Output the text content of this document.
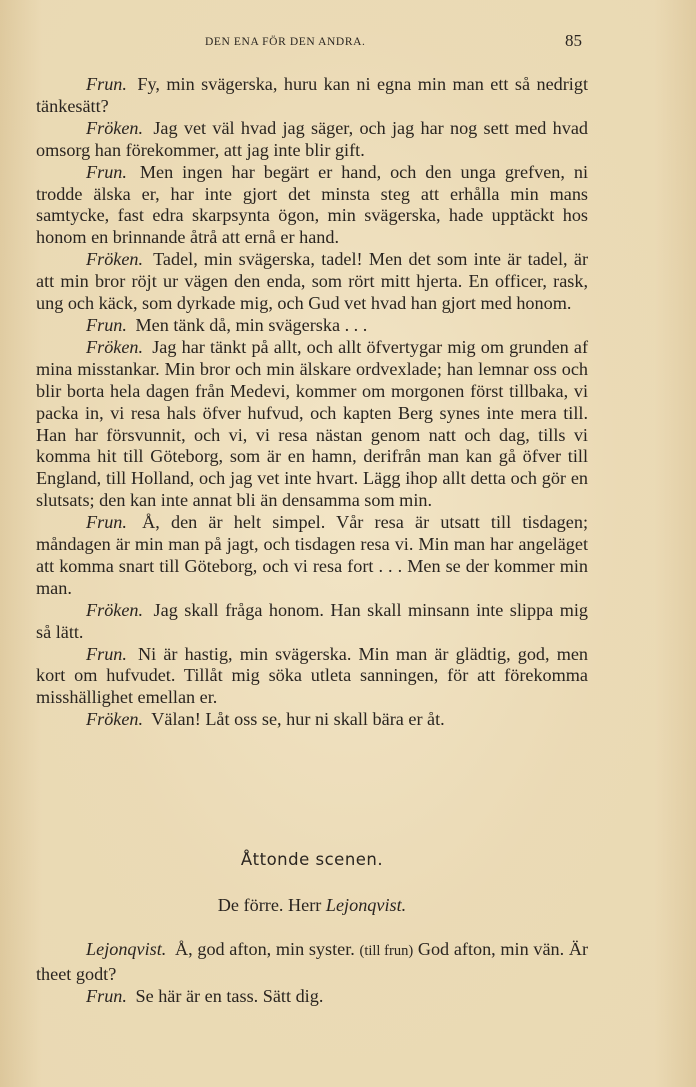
DEN ENA FÖR DEN ANDRA.	85

Frun. Fy, min svägerska, huru kan ni egna min man ett så nedrigt tänkesätt?

Fröken. Jag vet väl hvad jag säger, och jag har nog sett med hvad omsorg han förekommer, att jag inte blir gift.

Frun. Men ingen har begärt er hand, och den unga grefven, ni trodde älska er, har inte gjort det minsta steg att erhålla min mans samtycke, fast edra skarpsynta ögon, min svägerska, hade upptäckt hos honom en brinnande åtrå att ernå er hand.

Fröken. Tadel, min svägerska, tadel! Men det som inte är tadel, är att min bror röjt ur vägen den enda, som rört mitt hjerta. En officer, rask, ung och käck, som dyrkade mig, och Gud vet hvad han gjort med honom.

Frun. Men tänk då, min svägerska . . .

Fröken. Jag har tänkt på allt, och allt öfvertygar mig om grunden af mina misstankar. Min bror och min älskare ordvexlade; han lemnar oss och blir borta hela dagen från Medevi, kommer om morgonen först tillbaka, vi packa in, vi resa hals öfver hufvud, och kapten Berg synes inte mera till. Han har försvunnit, och vi, vi resa nästan genom natt och dag, tills vi komma hit till Göteborg, som är en hamn, derifrån man kan gå öfver till England, till Holland, och jag vet inte hvart. Lägg ihop allt detta och gör en slutsats; den kan inte annat bli än densamma som min.

Frun. Å, den är helt simpel. Vår resa är utsatt till tisdagen; måndagen är min man på jagt, och tisdagen resa vi. Min man har angeläget att komma snart till Göteborg, och vi resa fort . . . Men se der kommer min man.

Fröken. Jag skall fråga honom. Han skall minsann inte slippa mig så lätt.

Frun. Ni är hastig, min svägerska. Min man är glädtig, god, men kort om hufvudet. Tillåt mig söka utleta sanningen, för att förekomma misshällighet emellan er.

Fröken. Välan! Låt oss se, hur ni skall bära er åt.

Åttonde scenen.
De förre. Herr Lejonqvist.

Lejonqvist. Å, god afton, min syster. (till frun) God afton, min vän. Är theet godt?

Frun. Se här är en tass. Sätt dig.
